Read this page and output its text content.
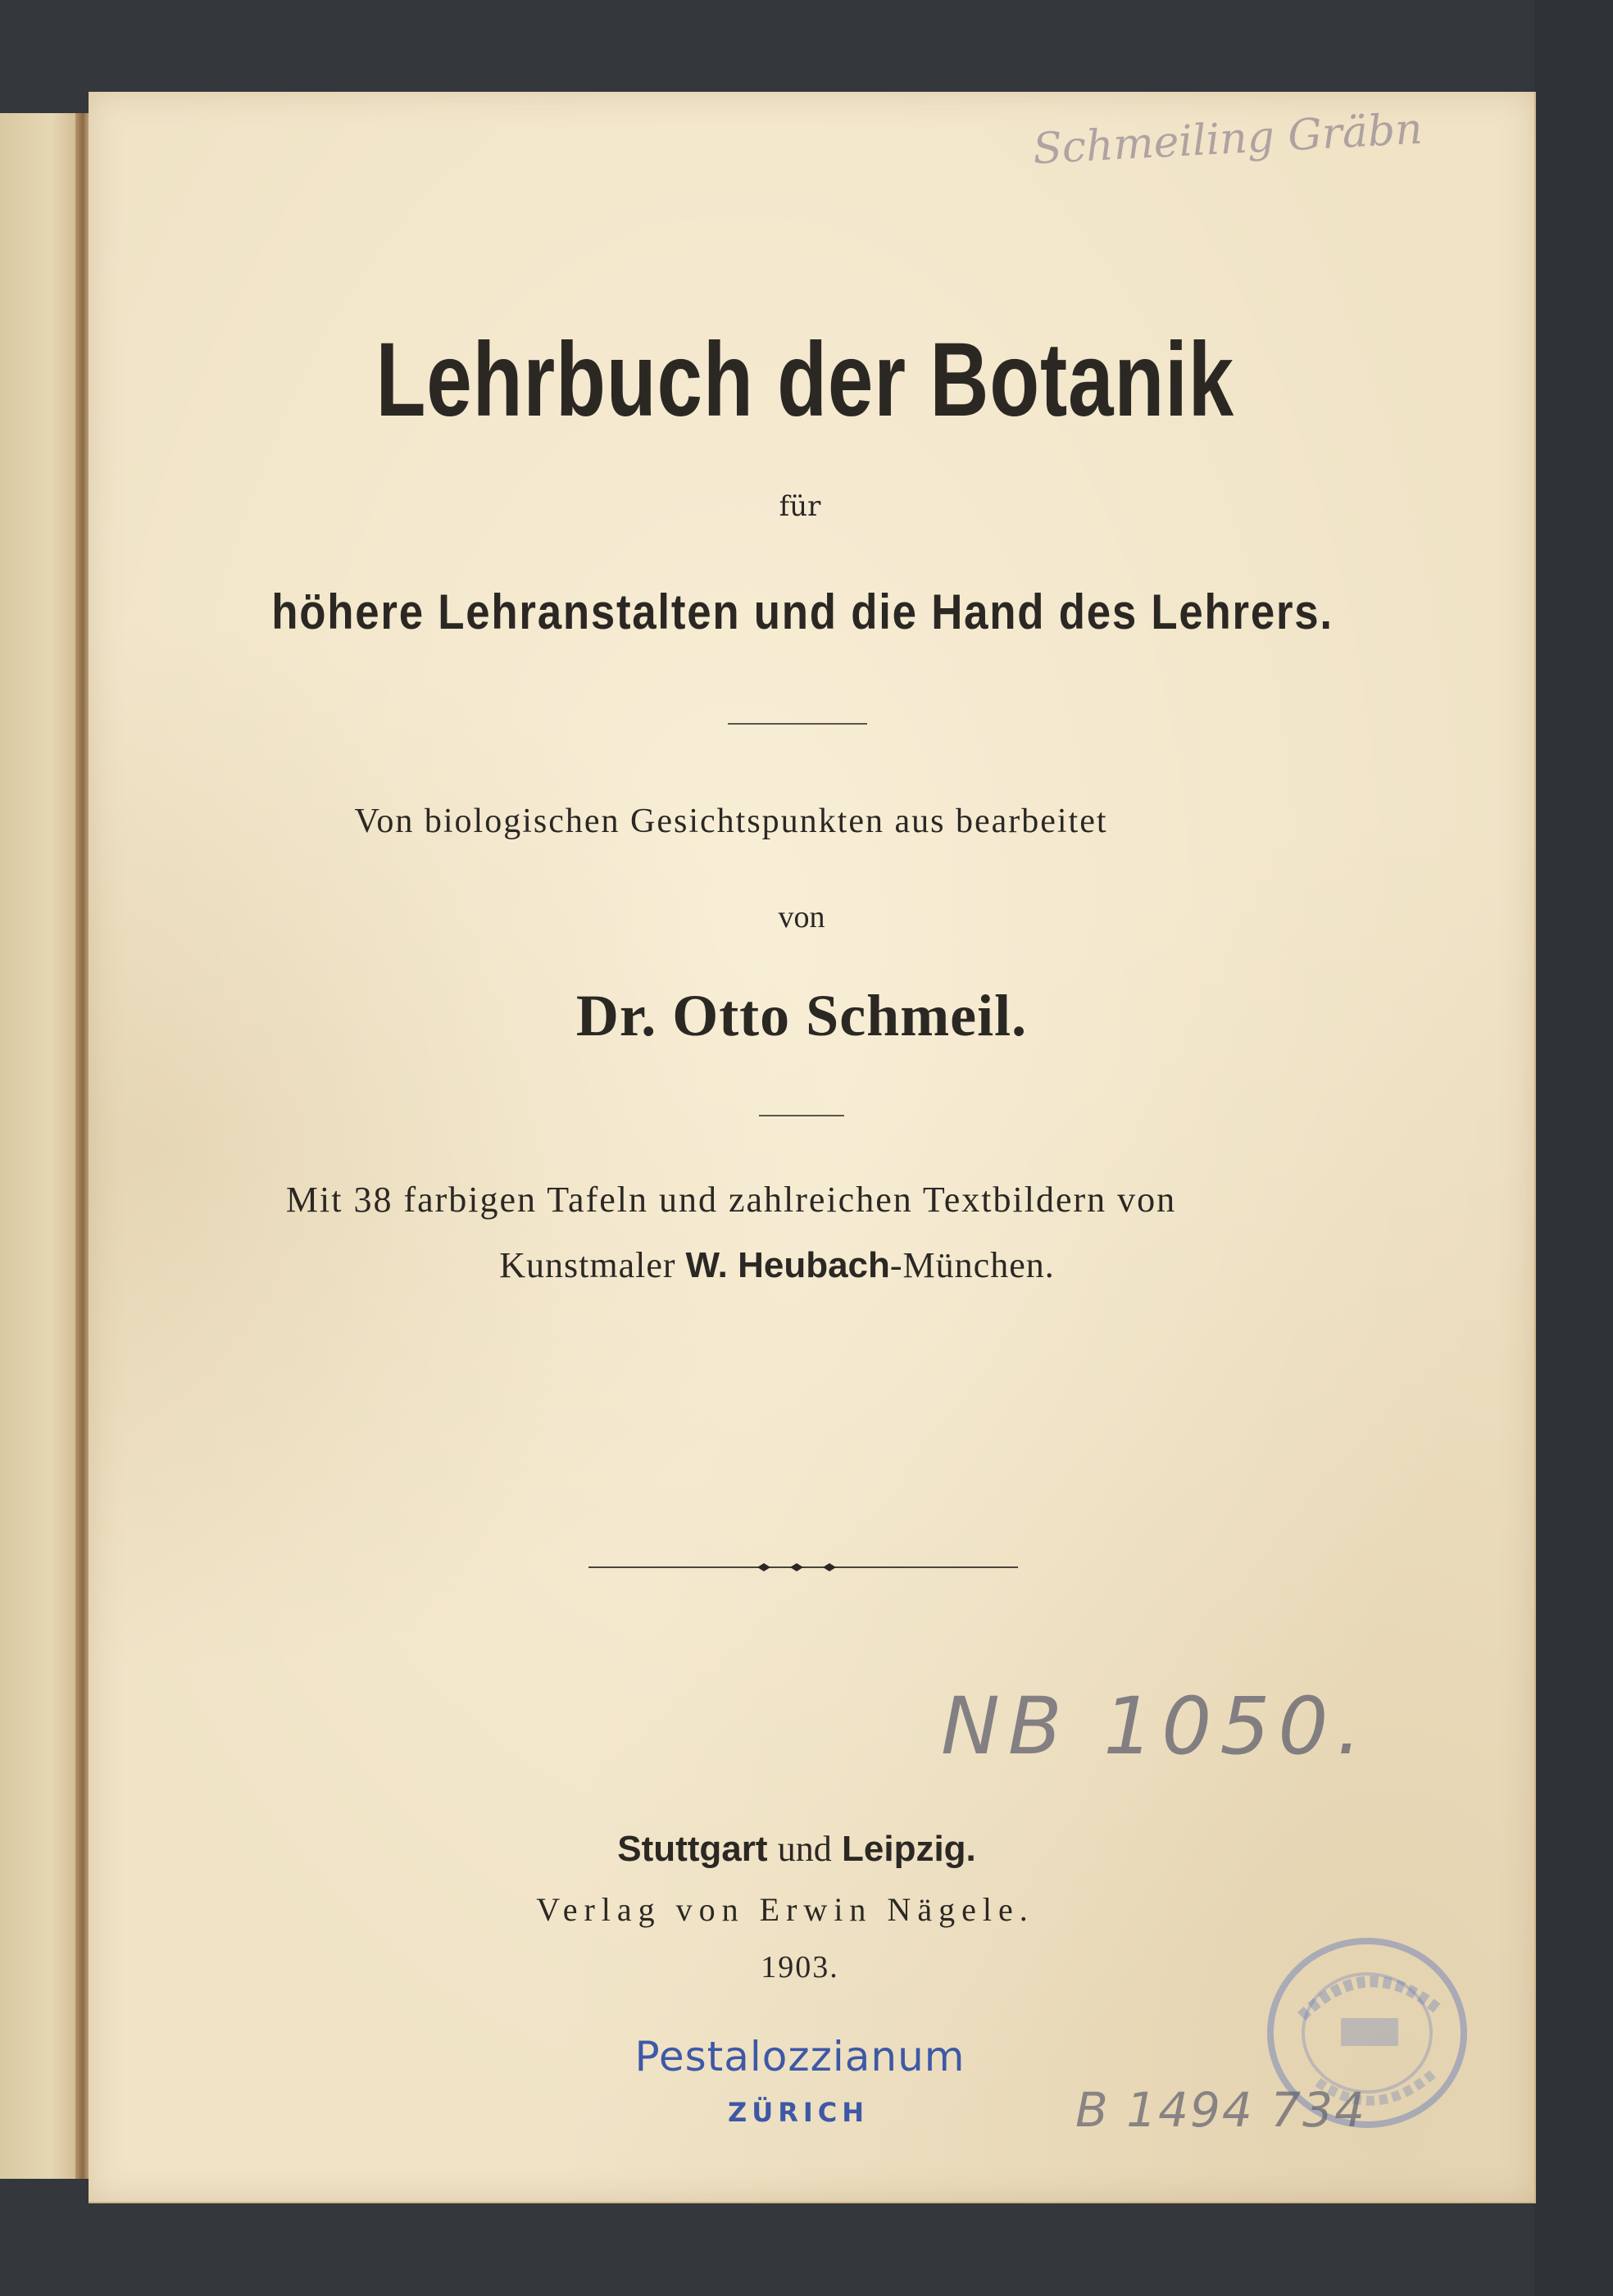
Schmeiling Gräbn
Lehrbuch der Botanik
für
höhere Lehranstalten und die Hand des Lehrers.
Von biologischen Gesichtspunkten aus bearbeitet
von
Dr. Otto Schmeil.
Mit 38 farbigen Tafeln und zahlreichen Textbildern von
Kunstmaler W. Heubach-München.
NB 1050.
Stuttgart und Leipzig.
Verlag von Erwin Nägele.
1903.
Pestalozzianum
ZÜRICH	B 1494 734
